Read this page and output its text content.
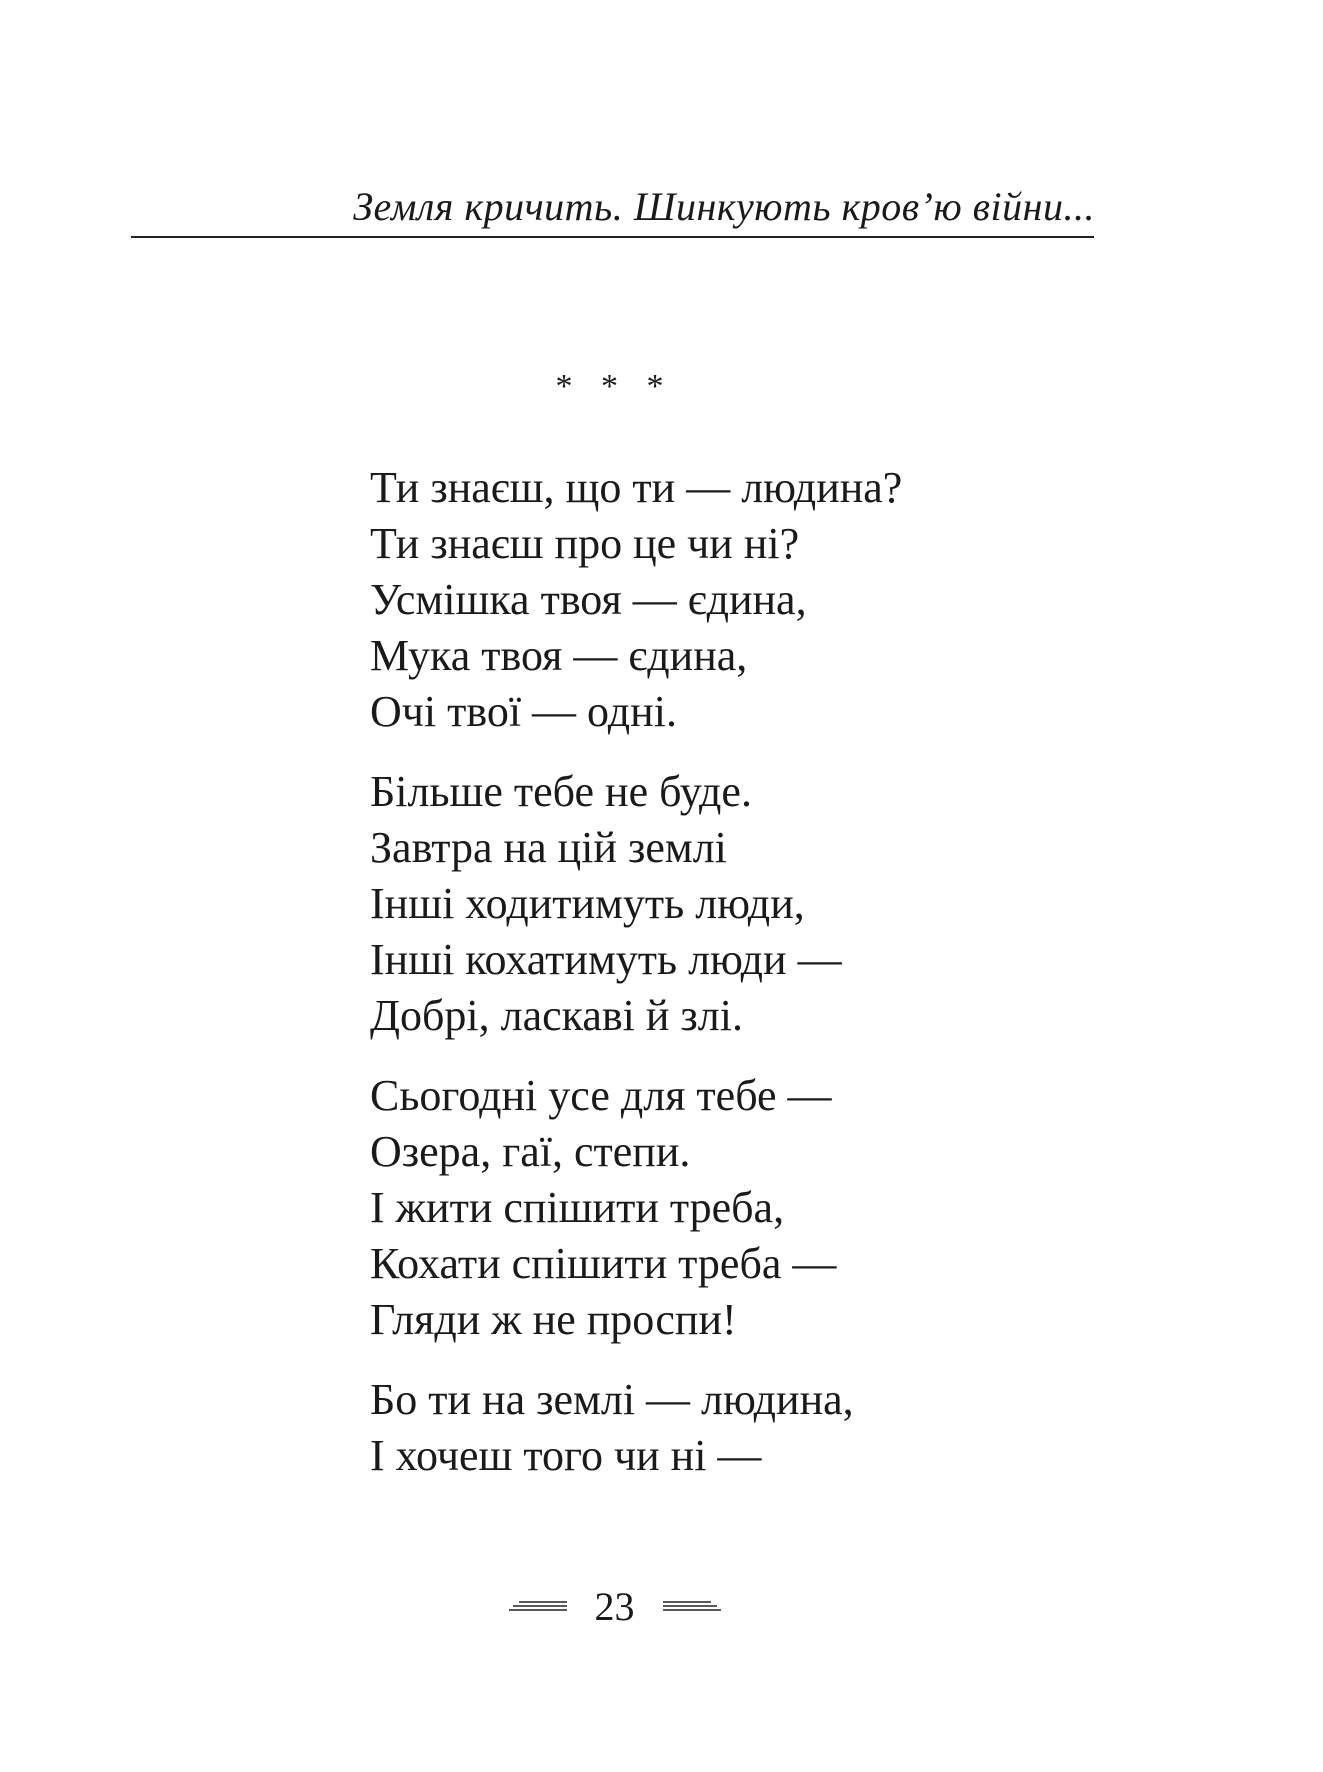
Земля кричить. Шинкують кров’ю війни...
* * *
Ти знаєш, що ти — людина?
Ти знаєш про це чи ні?
Усмішка твоя — єдина,
Мука твоя — єдина,
Очі твої — одні.
Більше тебе не буде.
Завтра на цій землі
Інші ходитимуть люди,
Інші кохатимуть люди —
Добрі, ласкаві й злі.
Сьогодні усе для тебе —
Озера, гаї, степи.
І жити спішити треба,
Кохати спішити треба —
Гляди ж не проспи!
Бо ти на землі — людина,
І хочеш того чи ні —
23
